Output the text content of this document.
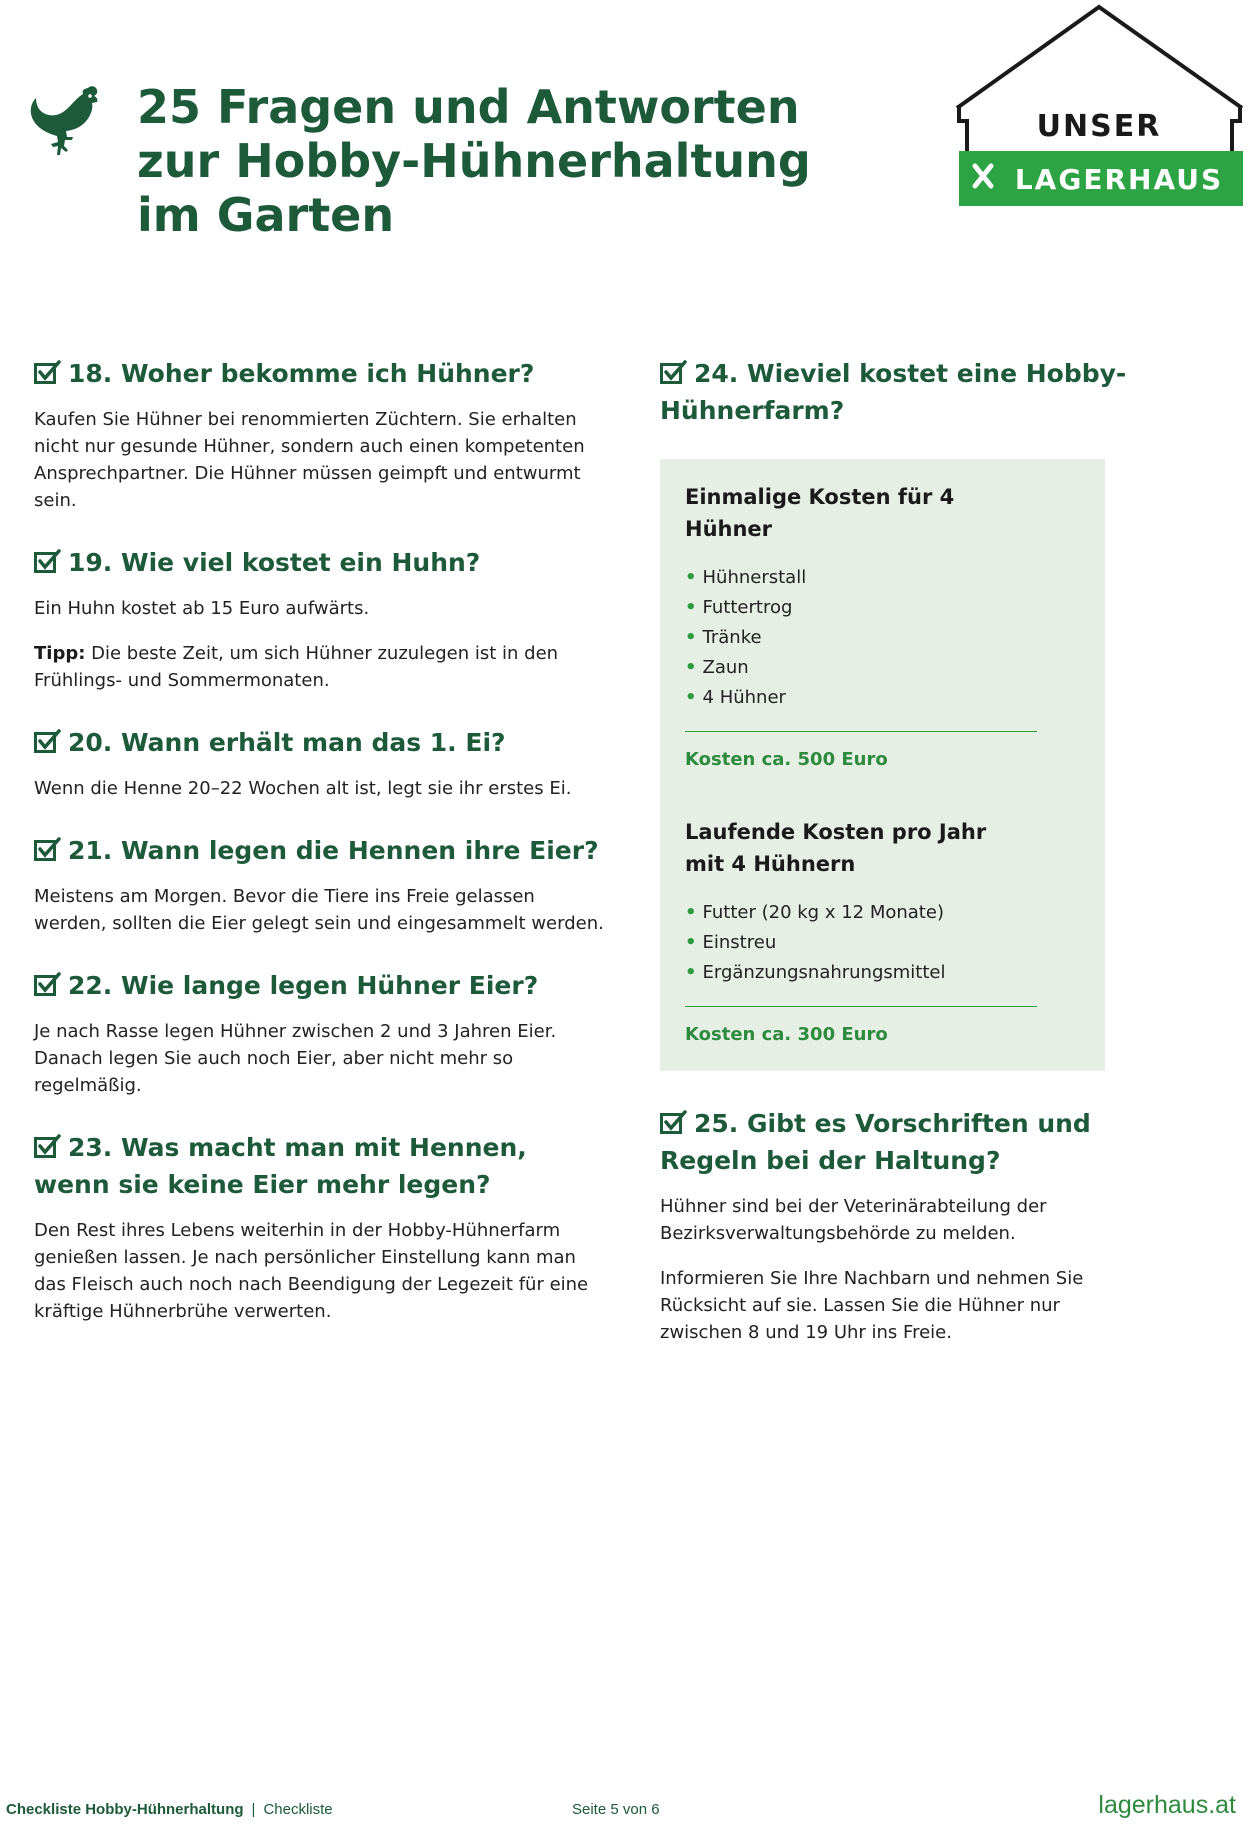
25 Fragen und Antworten
zur Hobby-Hühnerhaltung
im Garten
UNSER
LAGERHAUS
18. Woher bekomme ich Hühner?

Kaufen Sie Hühner bei renommierten Züchtern. Sie erhalten nicht nur gesunde Hühner, sondern auch einen kompetenten Ansprechpartner. Die Hühner müssen geimpft und entwurmt sein.

19. Wie viel kostet ein Huhn?

Ein Huhn kostet ab 15 Euro aufwärts.

Tipp: Die beste Zeit, um sich Hühner zuzulegen ist in den Frühlings- und Sommermonaten.

20. Wann erhält man das 1. Ei?

Wenn die Henne 20–22 Wochen alt ist, legt sie ihr erstes Ei.

21. Wann legen die Hennen ihre Eier?

Meistens am Morgen. Bevor die Tiere ins Freie gelassen werden, sollten die Eier gelegt sein und eingesammelt werden.

22. Wie lange legen Hühner Eier?

Je nach Rasse legen Hühner zwischen 2 und 3 Jahren Eier. Danach legen Sie auch noch Eier, aber nicht mehr so regelmäßig.

23. Was macht man mit Hennen, wenn sie keine Eier mehr legen?

Den Rest ihres Lebens weiterhin in der Hobby-Hühnerfarm genießen lassen. Je nach persönlicher Einstellung kann man das Fleisch auch noch nach Beendigung der Legezeit für eine kräftige Hühnerbrühe verwerten.

24. Wieviel kostet eine Hobby-Hühnerfarm?
Einmalige Kosten für 4 Hühner
• Hühnerstall
• Futtertrog
• Tränke
• Zaun
• 4 Hühner

Kosten ca. 500 Euro

Laufende Kosten pro Jahr mit 4 Hühnern
• Futter (20 kg x 12 Monate)
• Einstreu
• Ergänzungsnahrungsmittel

Kosten ca. 300 Euro

25. Gibt es Vorschriften und Regeln bei der Haltung?

Hühner sind bei der Veterinärabteilung der Bezirksverwaltungsbehörde zu melden.

Informieren Sie Ihre Nachbarn und nehmen Sie Rücksicht auf sie. Lassen Sie die Hühner nur zwischen 8 und 19 Uhr ins Freie.

Checkliste Hobby-Hühnerhaltung | Checkliste	Seite 5 von 6	lagerhaus.at
